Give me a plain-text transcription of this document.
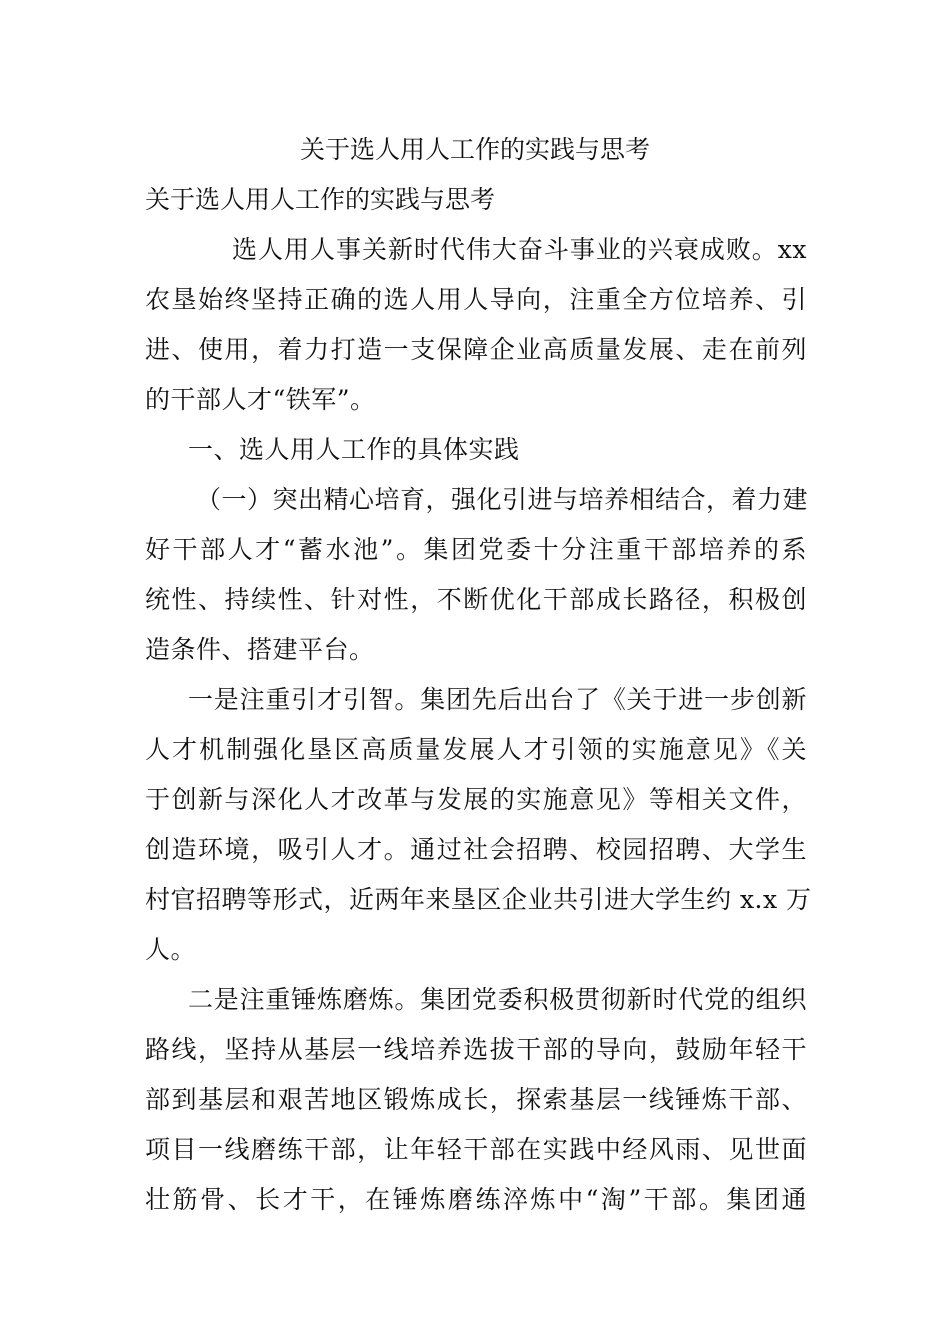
关于选人用人工作的实践与思考

关于选人用人工作的实践与思考

选人用人事关新时代伟大奋斗事业的兴衰成败。xx

农垦始终坚持正确的选人用人导向，注重全方位培养、引

进、使用，着力打造一支保障企业高质量发展、走在前列

的干部人才“铁军”。

一、选人用人工作的具体实践

（一）突出精心培育，强化引进与培养相结合，着力建

好干部人才“蓄水池”。集团党委十分注重干部培养的系

统性、持续性、针对性，不断优化干部成长路径，积极创

造条件、搭建平台。

一是注重引才引智。集团先后出台了《关于进一步创新

人才机制强化垦区高质量发展人才引领的实施意见》《关

于创新与深化人才改革与发展的实施意见》等相关文件，

创造环境，吸引人才。通过社会招聘、校园招聘、大学生

村官招聘等形式，近两年来垦区企业共引进大学生约 x.x 万

人。

二是注重锤炼磨炼。集团党委积极贯彻新时代党的组织

路线，坚持从基层一线培养选拔干部的导向，鼓励年轻干

部到基层和艰苦地区锻炼成长，探索基层一线锤炼干部、

项目一线磨练干部，让年轻干部在实践中经风雨、见世面

壮筋骨、长才干，在锤炼磨练淬炼中“淘”干部。集团通
